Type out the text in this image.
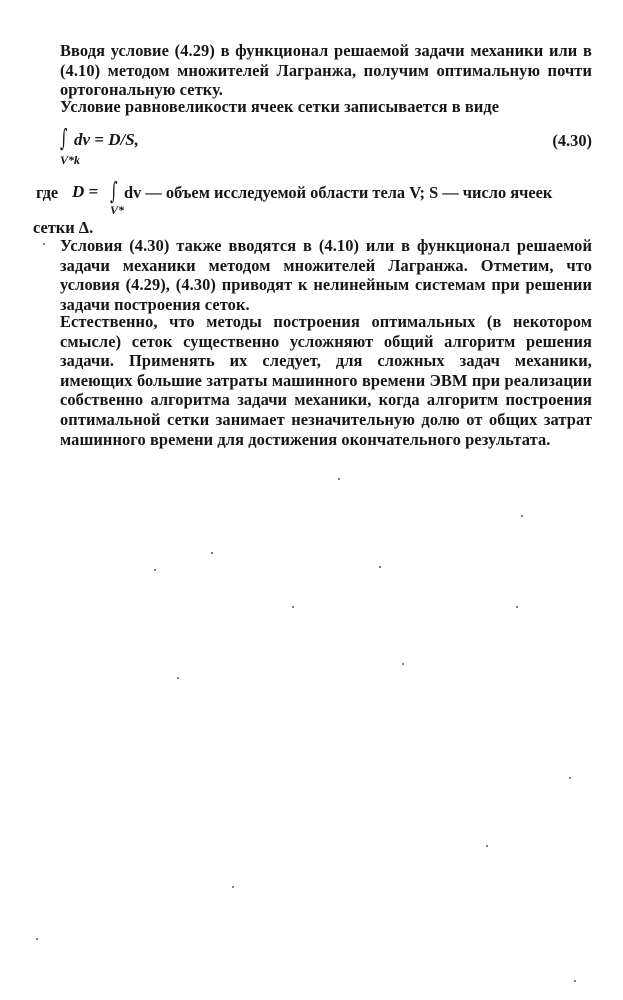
Вводя условие (4.29) в функционал решаемой задачи механики или в (4.10) методом множителей Лагранжа, получим оптимальную почти ортогональную сетку.
Условие равновеликости ячеек сетки записывается в виде
∫ dv = D/S,
V*k
(4.30)
где D = ∫
V*
dv — объем исследуемой области тела V; S — число ячеек
сетки Δ.
Условия (4.30) также вводятся в (4.10) или в функционал решаемой задачи механики методом множителей Лагранжа. Отметим, что условия (4.29), (4.30) приводят к нелинейным системам при решении задачи построения сеток.
Естественно, что методы построения оптимальных (в некотором смысле) сеток существенно усложняют общий алгоритм решения задачи. Применять их следует, для сложных задач механики, имеющих большие затраты машинного времени ЭВМ при реализации собственно алгоритма задачи механики, когда алгоритм построения оптимальной сетки занимает незначительную долю от общих затрат машинного времени для достижения окончательного результата.
